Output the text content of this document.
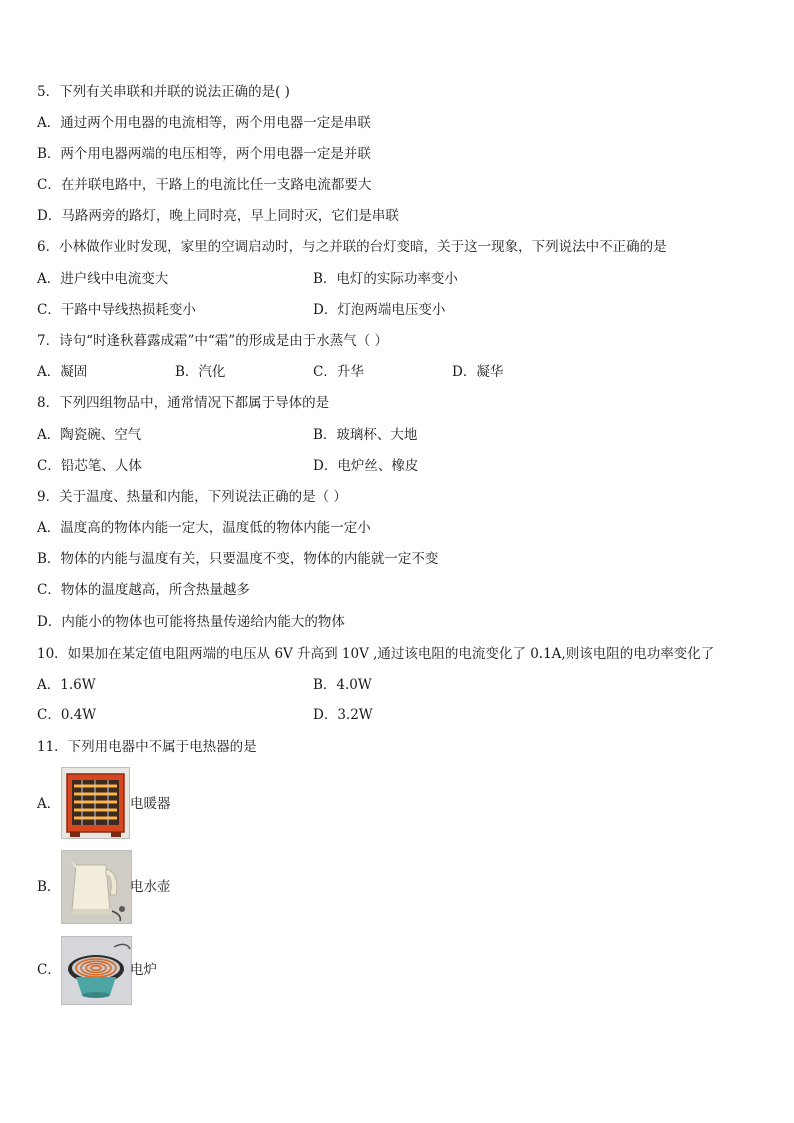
5．下列有关串联和并联的说法正确的是( )
A．通过两个用电器的电流相等，两个用电器一定是串联
B．两个用电器两端的电压相等，两个用电器一定是并联
C．在并联电路中，干路上的电流比任一支路电流都要大
D．马路两旁的路灯，晚上同时亮，早上同时灭，它们是串联
6．小林做作业时发现，家里的空调启动时，与之并联的台灯变暗，关于这一现象，下列说法中不正确的是
A．进户线中电流变大	B．电灯的实际功率变小
C．干路中导线热损耗变小	D．灯泡两端电压变小
7．诗句“时逢秋暮露成霜”中“霜”的形成是由于水蒸气（ ）
A．凝固	B．汽化	C．升华	D．凝华
8．下列四组物品中，通常情况下都属于导体的是
A．陶瓷碗、空气	B．玻璃杯、大地
C．铅芯笔、人体	D．电炉丝、橡皮
9．关于温度、热量和内能，下列说法正确的是（ ）
A．温度高的物体内能一定大，温度低的物体内能一定小
B．物体的内能与温度有关，只要温度不变，物体的内能就一定不变
C．物体的温度越高，所含热量越多
D．内能小的物体也可能将热量传递给内能大的物体
10．如果加在某定值电阻两端的电压从 6V 升高到 10V ,通过该电阻的电流变化了 0.1A,则该电阻的电功率变化了
A．1.6W	B．4.0W
C．0.4W	D．3.2W
11．下列用电器中不属于电热器的是
A．	电暖器
B．	电水壶
C．	电炉
